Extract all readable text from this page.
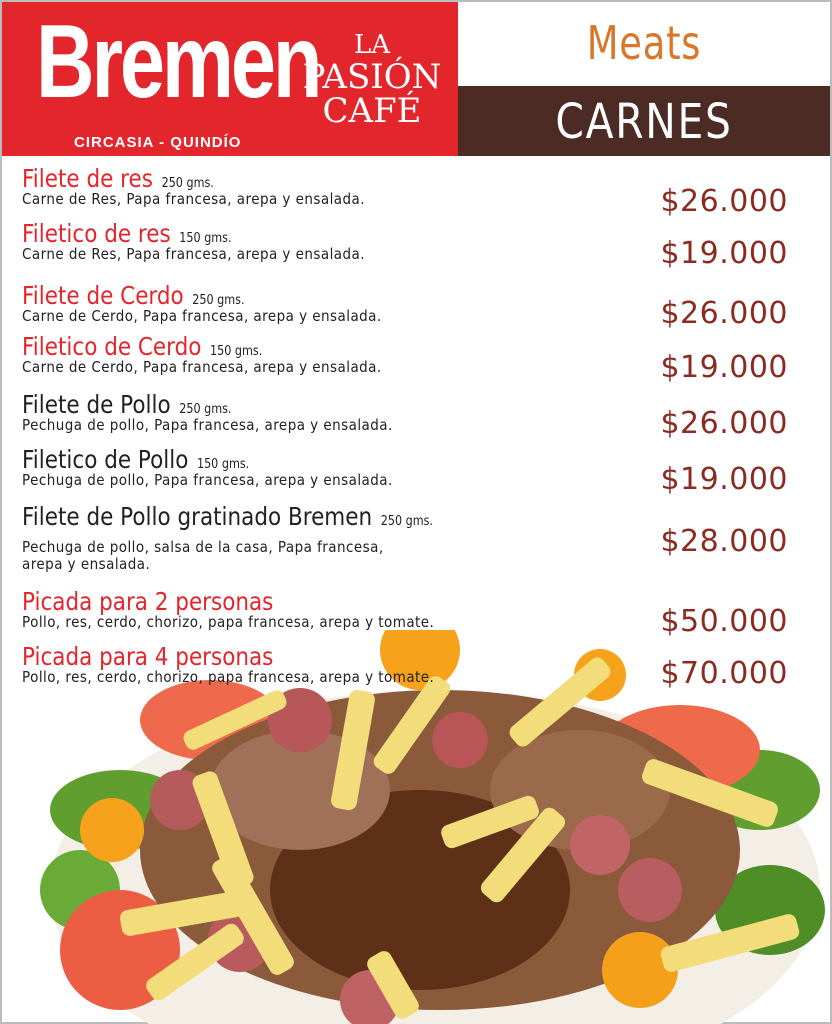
Bremen	LA
PASIÓN
CAFÉ
CIRCASIA - QUINDÍO
Meats
CARNES
Filete de res 250 gms.
Carne de Res, Papa francesa, arepa y ensalada.	$26.000
Filetico de res 150 gms.
Carne de Res, Papa francesa, arepa y ensalada.	$19.000
Filete de Cerdo 250 gms.
Carne de Cerdo, Papa francesa, arepa y ensalada.	$26.000
Filetico de Cerdo 150 gms.
Carne de Cerdo, Papa francesa, arepa y ensalada.	$19.000
Filete de Pollo 250 gms.
Pechuga de pollo, Papa francesa, arepa y ensalada.	$26.000
Filetico de Pollo 150 gms.
Pechuga de pollo, Papa francesa, arepa y ensalada.	$19.000
Filete de Pollo gratinado Bremen 250 gms.
Pechuga de pollo, salsa de la casa, Papa francesa,
arepa y ensalada.
$28.000
Picada para 2 personas
Pollo, res, cerdo, chorizo, papa francesa, arepa y tomate.	$50.000
Picada para 4 personas
Pollo, res, cerdo, chorizo, papa francesa, arepa y tomate.	$70.000
